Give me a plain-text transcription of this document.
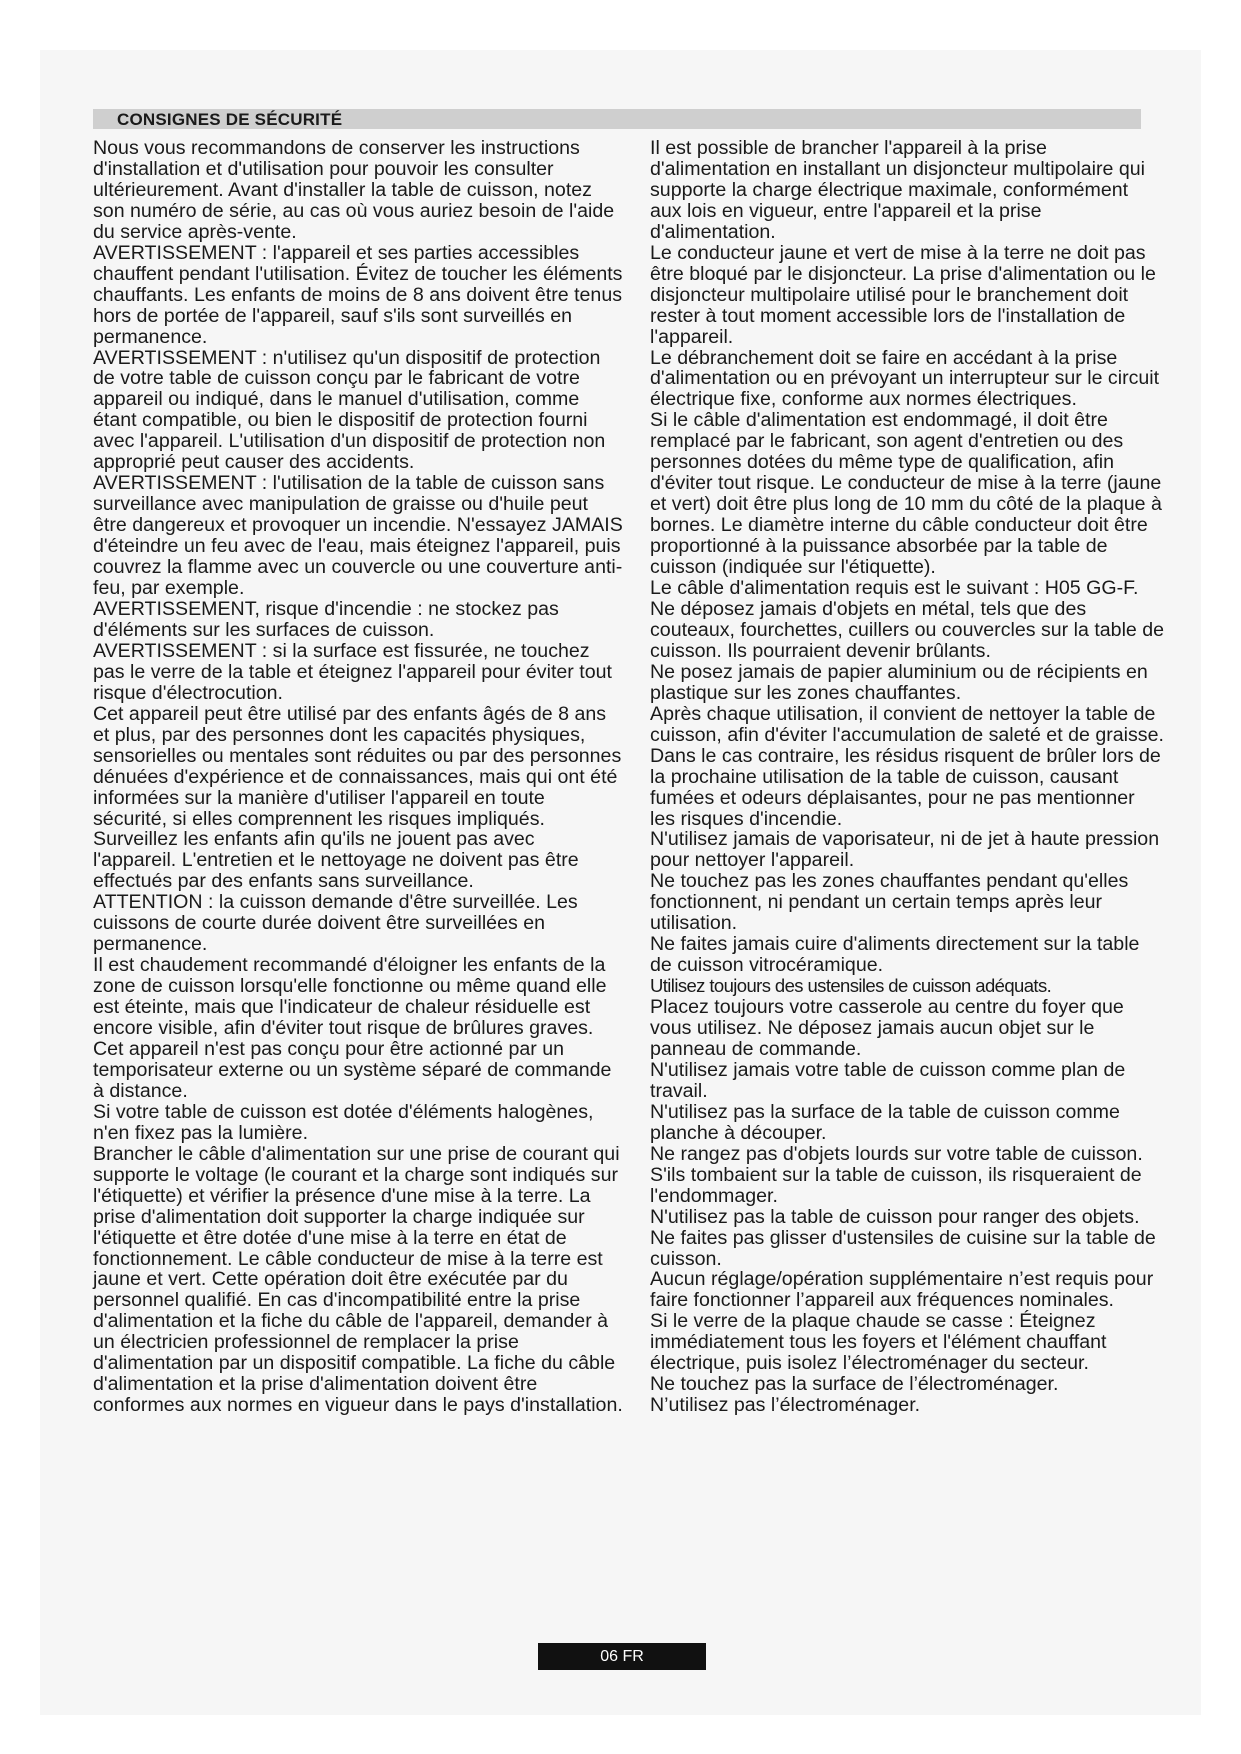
CONSIGNES DE SÉCURITÉ

Nous vous recommandons de conserver les instructions d'installation et d'utilisation pour pouvoir les consulter ultérieurement. Avant d'installer la table de cuisson, notez son numéro de série, au cas où vous auriez besoin de l'aide du service après-vente.

AVERTISSEMENT : l'appareil et ses parties accessibles chauffent pendant l'utilisation. Évitez de toucher les éléments chauffants. Les enfants de moins de 8 ans doivent être tenus hors de portée de l'appareil, sauf s'ils sont surveillés en permanence.

AVERTISSEMENT : n'utilisez qu'un dispositif de protection de votre table de cuisson conçu par le fabricant de votre appareil ou indiqué, dans le manuel d'utilisation, comme étant compatible, ou bien le dispositif de protection fourni avec l'appareil. L'utilisation d'un dispositif de protection non approprié peut causer des accidents.

AVERTISSEMENT : l'utilisation de la table de cuisson sans surveillance avec manipulation de graisse ou d'huile peut être dangereux et provoquer un incendie. N'essayez JAMAIS d'éteindre un feu avec de l'eau, mais éteignez l'appareil, puis couvrez la flamme avec un couvercle ou une couverture anti-feu, par exemple.

AVERTISSEMENT, risque d'incendie : ne stockez pas d'éléments sur les surfaces de cuisson.

AVERTISSEMENT : si la surface est fissurée, ne touchez pas le verre de la table et éteignez l'appareil pour éviter tout risque d'électrocution.

Cet appareil peut être utilisé par des enfants âgés de 8 ans et plus, par des personnes dont les capacités physiques, sensorielles ou mentales sont réduites ou par des personnes dénuées d'expérience et de connaissances, mais qui ont été informées sur la manière d'utiliser l'appareil en toute sécurité, si elles comprennent les risques impliqués. Surveillez les enfants afin qu'ils ne jouent pas avec l'appareil. L'entretien et le nettoyage ne doivent pas être effectués par des enfants sans surveillance.

ATTENTION : la cuisson demande d'être surveillée. Les cuissons de courte durée doivent être surveillées en permanence.

Il est chaudement recommandé d'éloigner les enfants de la zone de cuisson lorsqu'elle fonctionne ou même quand elle est éteinte, mais que l'indicateur de chaleur résiduelle est encore visible, afin d'éviter tout risque de brûlures graves.

Cet appareil n'est pas conçu pour être actionné par un temporisateur externe ou un système séparé de commande à distance.

Si votre table de cuisson est dotée d'éléments halogènes, n'en fixez pas la lumière.

Brancher le câble d'alimentation sur une prise de courant qui supporte le voltage (le courant et la charge sont indiqués sur l'étiquette) et vérifier la présence d'une mise à la terre. La prise d'alimentation doit supporter la charge indiquée sur l'étiquette et être dotée d'une mise à la terre en état de fonctionnement. Le câble conducteur de mise à la terre est jaune et vert. Cette opération doit être exécutée par du personnel qualifié. En cas d'incompatibilité entre la prise d'alimentation et la fiche du câble de l'appareil, demander à un électricien professionnel de remplacer la prise d'alimentation par un dispositif compatible. La fiche du câble d'alimentation et la prise d'alimentation doivent être conformes aux normes en vigueur dans le pays d'installation.

Il est possible de brancher l'appareil à la prise d'alimentation en installant un disjoncteur multipolaire qui supporte la charge électrique maximale, conformément aux lois en vigueur, entre l'appareil et la prise d'alimentation.

Le conducteur jaune et vert de mise à la terre ne doit pas être bloqué par le disjoncteur. La prise d'alimentation ou le disjoncteur multipolaire utilisé pour le branchement doit rester à tout moment accessible lors de l'installation de l'appareil.

Le débranchement doit se faire en accédant à la prise d'alimentation ou en prévoyant un interrupteur sur le circuit électrique fixe, conforme aux normes électriques.

Si le câble d'alimentation est endommagé, il doit être remplacé par le fabricant, son agent d'entretien ou des personnes dotées du même type de qualification, afin d'éviter tout risque. Le conducteur de mise à la terre (jaune et vert) doit être plus long de 10 mm du côté de la plaque à bornes. Le diamètre interne du câble conducteur doit être proportionné à la puissance absorbée par la table de cuisson (indiquée sur l'étiquette).

Le câble d'alimentation requis est le suivant : H05 GG-F.

Ne déposez jamais d'objets en métal, tels que des couteaux, fourchettes, cuillers ou couvercles sur la table de cuisson. Ils pourraient devenir brûlants.

Ne posez jamais de papier aluminium ou de récipients en plastique sur les zones chauffantes.

Après chaque utilisation, il convient de nettoyer la table de cuisson, afin d'éviter l'accumulation de saleté et de graisse. Dans le cas contraire, les résidus risquent de brûler lors de la prochaine utilisation de la table de cuisson, causant fumées et odeurs déplaisantes, pour ne pas mentionner les risques d'incendie.

N'utilisez jamais de vaporisateur, ni de jet à haute pression pour nettoyer l'appareil.

Ne touchez pas les zones chauffantes pendant qu'elles fonctionnent, ni pendant un certain temps après leur utilisation.

Ne faites jamais cuire d'aliments directement sur la table de cuisson vitrocéramique.

Utilisez toujours des ustensiles de cuisson adéquats.

Placez toujours votre casserole au centre du foyer que vous utilisez. Ne déposez jamais aucun objet sur le panneau de commande.

N'utilisez jamais votre table de cuisson comme plan de travail.

N'utilisez pas la surface de la table de cuisson comme planche à découper.

Ne rangez pas d'objets lourds sur votre table de cuisson. S'ils tombaient sur la table de cuisson, ils risqueraient de l'endommager.

N'utilisez pas la table de cuisson pour ranger des objets.

Ne faites pas glisser d'ustensiles de cuisine sur la table de cuisson.

Aucun réglage/opération supplémentaire n’est requis pour faire fonctionner l’appareil aux fréquences nominales.

Si le verre de la plaque chaude se casse : Éteignez immédiatement tous les foyers et l'élément chauffant électrique, puis isolez l’électroménager du secteur.

Ne touchez pas la surface de l’électroménager.

N’utilisez pas l’électroménager.

06 FR
